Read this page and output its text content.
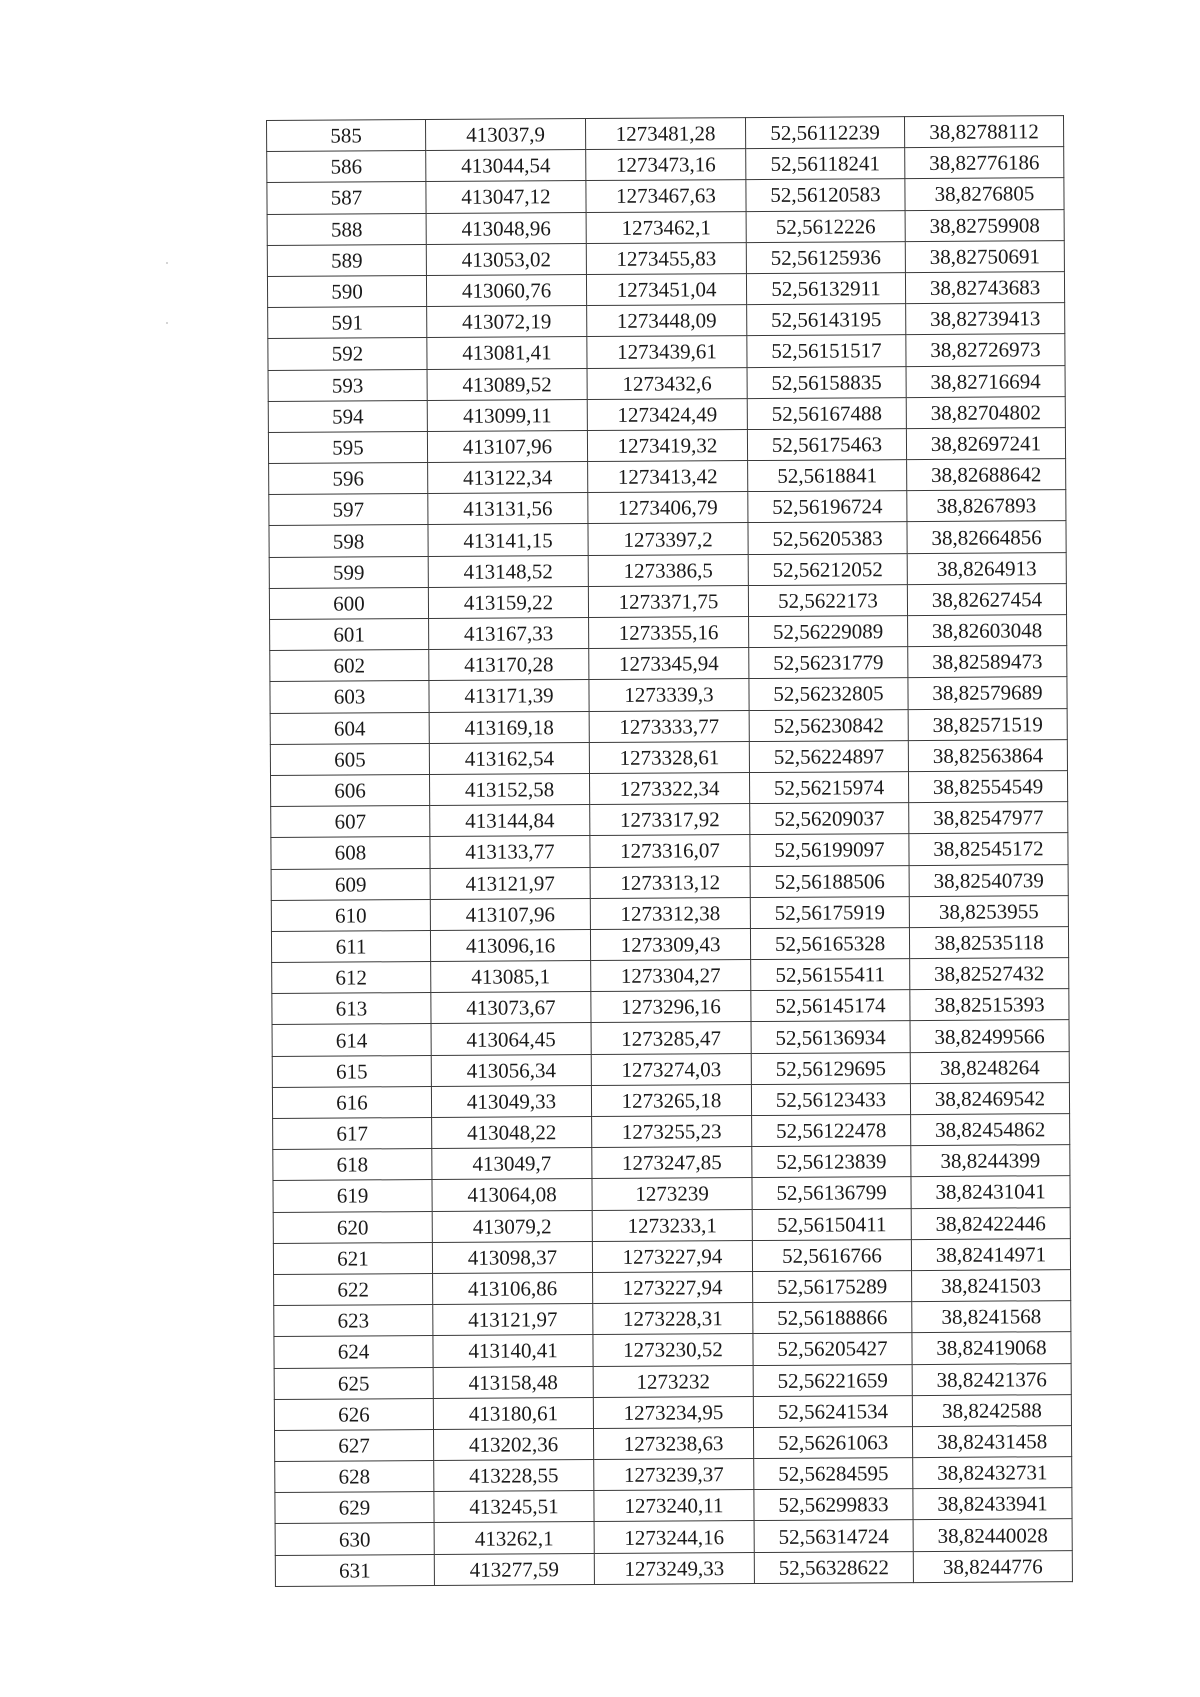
585	413037,9	1273481,28	52,56112239	38,82788112
586	413044,54	1273473,16	52,56118241	38,82776186
587	413047,12	1273467,63	52,56120583	38,8276805
588	413048,96	1273462,1	52,5612226	38,82759908
589	413053,02	1273455,83	52,56125936	38,82750691
590	413060,76	1273451,04	52,56132911	38,82743683
591	413072,19	1273448,09	52,56143195	38,82739413
592	413081,41	1273439,61	52,56151517	38,82726973
593	413089,52	1273432,6	52,56158835	38,82716694
594	413099,11	1273424,49	52,56167488	38,82704802
595	413107,96	1273419,32	52,56175463	38,82697241
596	413122,34	1273413,42	52,5618841	38,82688642
597	413131,56	1273406,79	52,56196724	38,8267893
598	413141,15	1273397,2	52,56205383	38,82664856
599	413148,52	1273386,5	52,56212052	38,8264913
600	413159,22	1273371,75	52,5622173	38,82627454
601	413167,33	1273355,16	52,56229089	38,82603048
602	413170,28	1273345,94	52,56231779	38,82589473
603	413171,39	1273339,3	52,56232805	38,82579689
604	413169,18	1273333,77	52,56230842	38,82571519
605	413162,54	1273328,61	52,56224897	38,82563864
606	413152,58	1273322,34	52,56215974	38,82554549
607	413144,84	1273317,92	52,56209037	38,82547977
608	413133,77	1273316,07	52,56199097	38,82545172
609	413121,97	1273313,12	52,56188506	38,82540739
610	413107,96	1273312,38	52,56175919	38,8253955
611	413096,16	1273309,43	52,56165328	38,82535118
612	413085,1	1273304,27	52,56155411	38,82527432
613	413073,67	1273296,16	52,56145174	38,82515393
614	413064,45	1273285,47	52,56136934	38,82499566
615	413056,34	1273274,03	52,56129695	38,8248264
616	413049,33	1273265,18	52,56123433	38,82469542
617	413048,22	1273255,23	52,56122478	38,82454862
618	413049,7	1273247,85	52,56123839	38,8244399
619	413064,08	1273239	52,56136799	38,82431041
620	413079,2	1273233,1	52,56150411	38,82422446
621	413098,37	1273227,94	52,5616766	38,82414971
622	413106,86	1273227,94	52,56175289	38,8241503
623	413121,97	1273228,31	52,56188866	38,8241568
624	413140,41	1273230,52	52,56205427	38,82419068
625	413158,48	1273232	52,56221659	38,82421376
626	413180,61	1273234,95	52,56241534	38,8242588
627	413202,36	1273238,63	52,56261063	38,82431458
628	413228,55	1273239,37	52,56284595	38,82432731
629	413245,51	1273240,11	52,56299833	38,82433941
630	413262,1	1273244,16	52,56314724	38,82440028
631	413277,59	1273249,33	52,56328622	38,8244776
